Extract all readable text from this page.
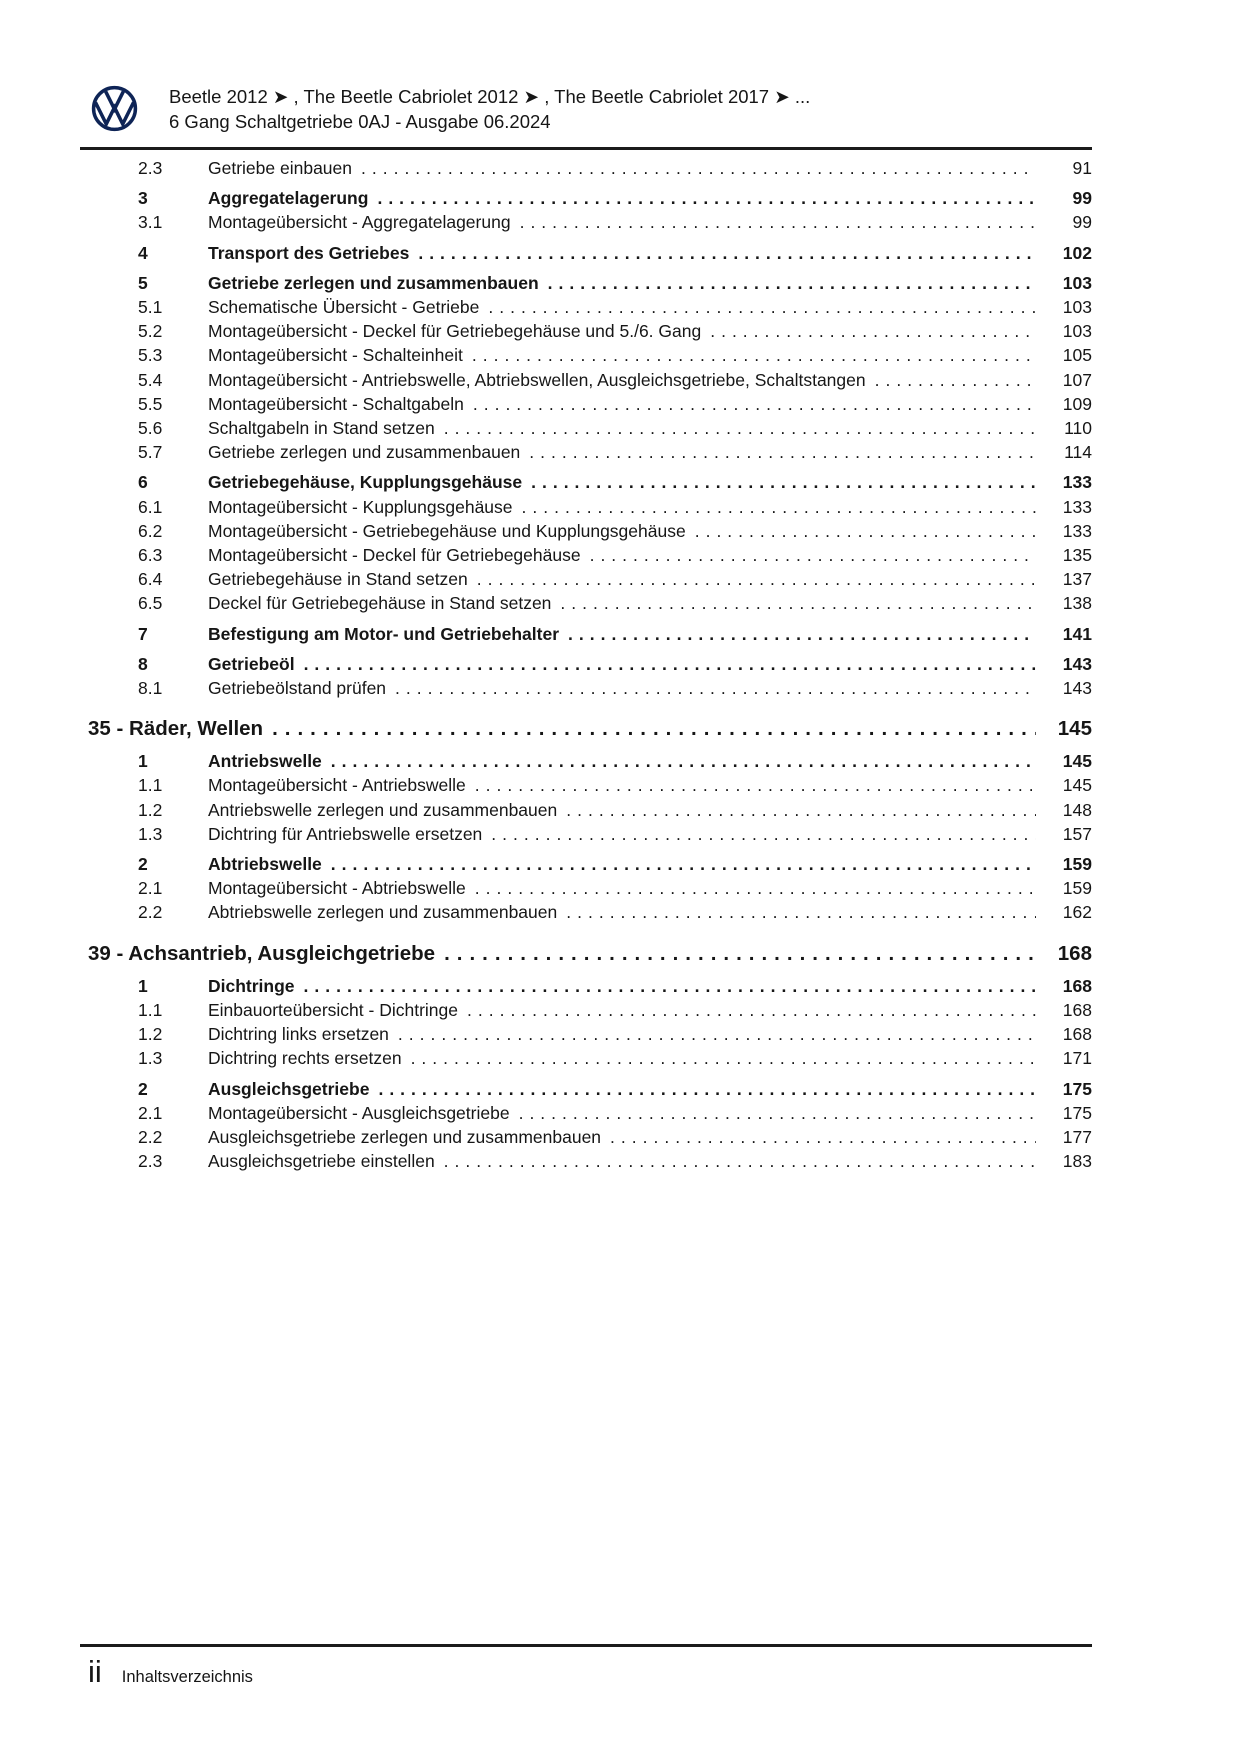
Beetle 2012 ➤ , The Beetle Cabriolet 2012 ➤ , The Beetle Cabriolet 2017 ➤ ...
6 Gang Schaltgetriebe 0AJ - Ausgabe 06.2024
2.3	Getriebe einbauen .....	91
3	Aggregatelagerung .....	99
3.1	Montageübersicht - Aggregatelagerung .....	99
4	Transport des Getriebes .....	102
5	Getriebe zerlegen und zusammenbauen .....	103
5.1	Schematische Übersicht - Getriebe .....	103
5.2	Montageübersicht - Deckel für Getriebegehäuse und 5./6. Gang .....	103
5.3	Montageübersicht - Schalteinheit .....	105
5.4	Montageübersicht - Antriebswelle, Abtriebswellen, Ausgleichsgetriebe, Schaltstangen .....	107
5.5	Montageübersicht - Schaltgabeln .....	109
5.6	Schaltgabeln in Stand setzen .....	110
5.7	Getriebe zerlegen und zusammenbauen .....	114
6	Getriebegehäuse, Kupplungsgehäuse .....	133
6.1	Montageübersicht - Kupplungsgehäuse .....	133
6.2	Montageübersicht - Getriebegehäuse und Kupplungsgehäuse .....	133
6.3	Montageübersicht - Deckel für Getriebegehäuse .....	135
6.4	Getriebegehäuse in Stand setzen .....	137
6.5	Deckel für Getriebegehäuse in Stand setzen .....	138
7	Befestigung am Motor- und Getriebehalter .....	141
8	Getriebeöl .....	143
8.1	Getriebeölstand prüfen .....	143
35 - Räder, Wellen .....	145
1	Antriebswelle .....	145
1.1	Montageübersicht - Antriebswelle .....	145
1.2	Antriebswelle zerlegen und zusammenbauen .....	148
1.3	Dichtring für Antriebswelle ersetzen .....	157
2	Abtriebswelle .....	159
2.1	Montageübersicht - Abtriebswelle .....	159
2.2	Abtriebswelle zerlegen und zusammenbauen .....	162
39 - Achsantrieb, Ausgleichgetriebe .....	168
1	Dichtringe .....	168
1.1	Einbauorteübersicht - Dichtringe .....	168
1.2	Dichtring links ersetzen .....	168
1.3	Dichtring rechts ersetzen .....	171
2	Ausgleichsgetriebe .....	175
2.1	Montageübersicht - Ausgleichsgetriebe .....	175
2.2	Ausgleichsgetriebe zerlegen und zusammenbauen .....	177
2.3	Ausgleichsgetriebe einstellen .....	183
ii Inhaltsverzeichnis
